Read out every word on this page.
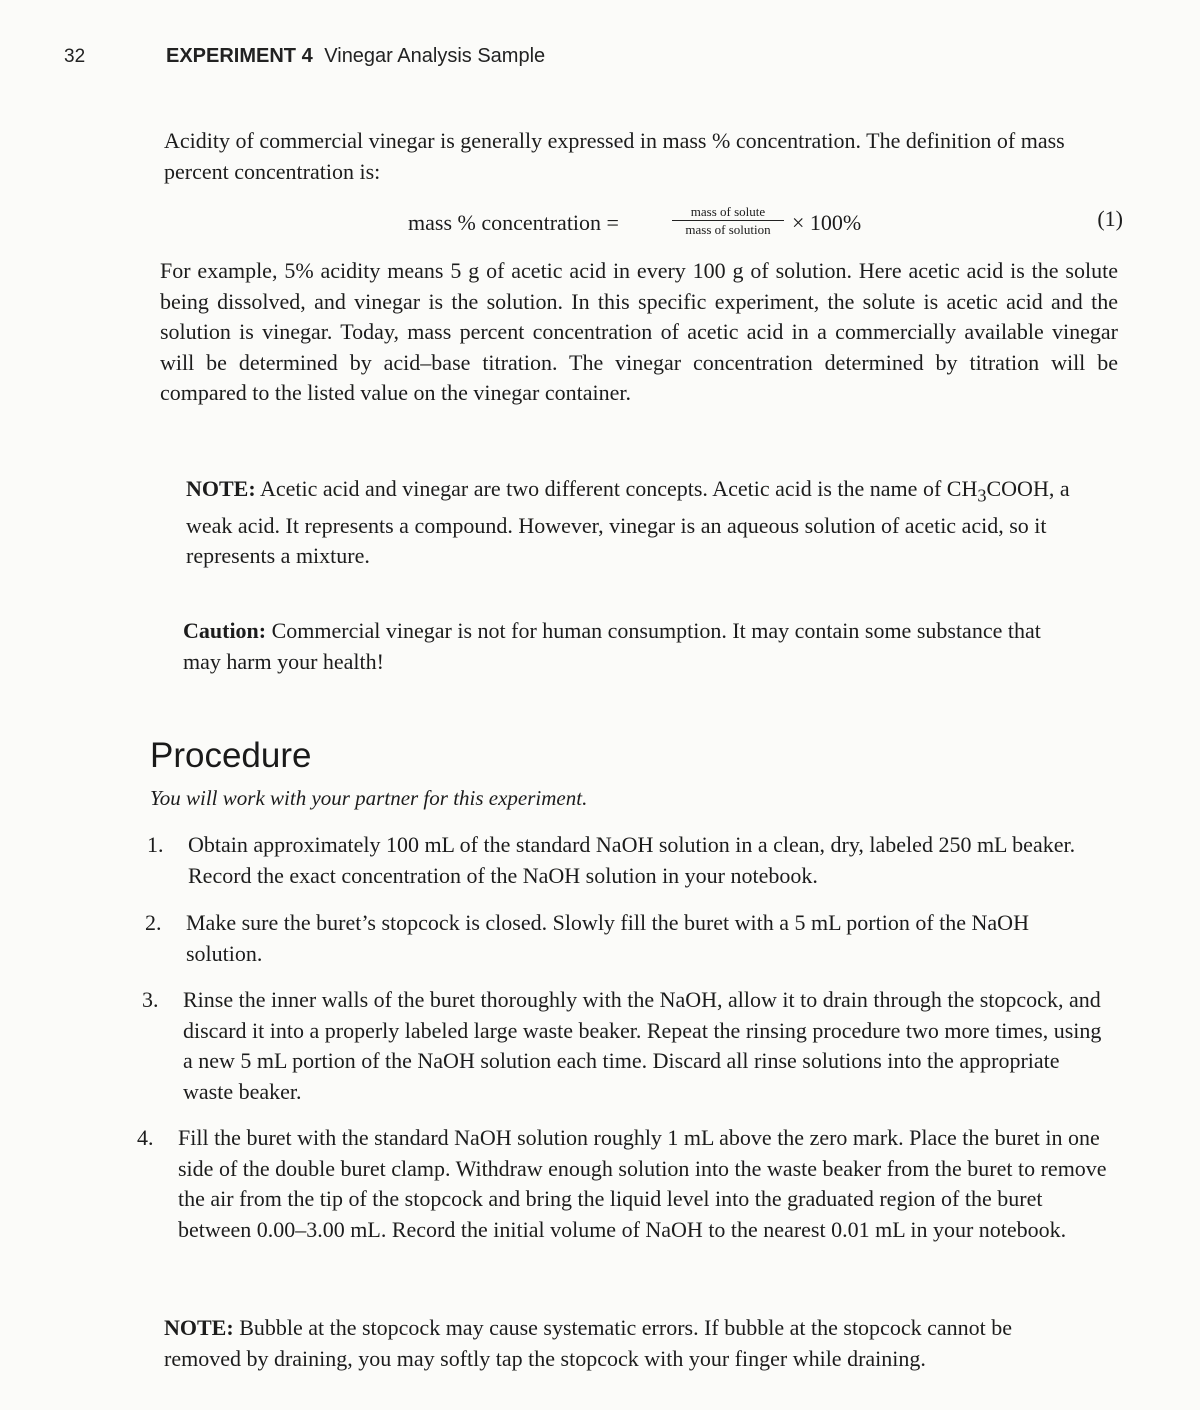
32	EXPERIMENT 4 Vinegar Analysis Sample

Acidity of commercial vinegar is generally expressed in mass % concentration. The definition of mass percent concentration is:

mass % concentration =	mass of solute
mass of solution × 100%	(1)

For example, 5% acidity means 5 g of acetic acid in every 100 g of solution. Here acetic acid is the solute being dissolved, and vinegar is the solution. In this specific experiment, the solute is acetic acid and the solution is vinegar. Today, mass percent concentration of acetic acid in a commercially available vinegar will be determined by acid–base titration. The vinegar concentration determined by titration will be compared to the listed value on the vinegar container.

NOTE: Acetic acid and vinegar are two different concepts. Acetic acid is the name of $CH_3COOH$, a weak acid. It represents a compound. However, vinegar is an aqueous solution of acetic acid, so it represents a mixture.

Caution: Commercial vinegar is not for human consumption. It may contain some substance that may harm your health!

Procedure

You will work with your partner for this experiment.

1. Obtain approximately 100 mL of the standard NaOH solution in a clean, dry, labeled 250 mL beaker. Record the exact concentration of the NaOH solution in your notebook.

2. Make sure the buret’s stopcock is closed. Slowly fill the buret with a 5 mL portion of the NaOH solution.

3. Rinse the inner walls of the buret thoroughly with the NaOH, allow it to drain through the stopcock, and discard it into a properly labeled large waste beaker. Repeat the rinsing procedure two more times, using a new 5 mL portion of the NaOH solution each time. Discard all rinse solutions into the appropriate waste beaker.

4. Fill the buret with the standard NaOH solution roughly 1 mL above the zero mark. Place the buret in one side of the double buret clamp. Withdraw enough solution into the waste beaker from the buret to remove the air from the tip of the stopcock and bring the liquid level into the graduated region of the buret between 0.00–3.00 mL. Record the initial volume of NaOH to the nearest 0.01 mL in your notebook.

NOTE: Bubble at the stopcock may cause systematic errors. If bubble at the stopcock cannot be removed by draining, you may softly tap the stopcock with your finger while draining.
